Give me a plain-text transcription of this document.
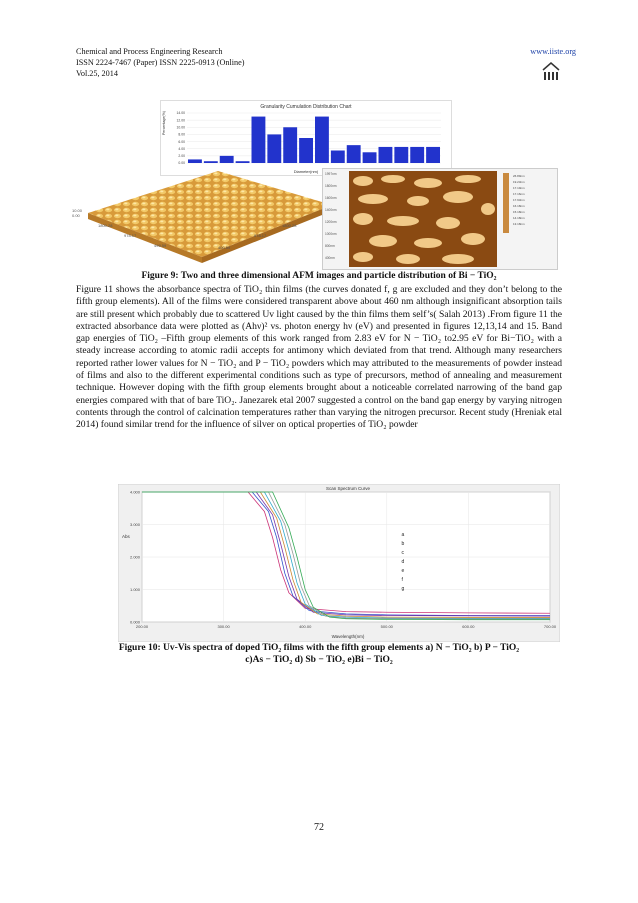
Chemical and Process Engineering Research
ISSN 2224-7467 (Paper) ISSN 2225-0913 (Online)
Vol.25, 2014
www.iiste.org
Granularity Cumulation Distribution Chart
Percentage(%)
Diameter(nm)
14.00
12.00
10.00
8.00
6.00
4.00
2.00
0.00
10.00
0.00
1800.28
978.17
499.59	400.59
978.17
1800.28
1997nm
1800nm
1600nm
1400nm
1200nm
1000nm
800nm
400nm
26.89nm
19.23nm
17.19nm
17.16nm
17.93nm
16.18nm
15.18nm
14.18nm
13.18nm
Figure 9: Two and three dimensional AFM images and particle distribution of Bi − TiO₂
Figure 11 shows the absorbance spectra of TiO₂ thin films (the curves donated f, g are excluded and they don’t belong to the fifth group elements). All of the films were considered transparent above about 460 nm although insignificant absorption tails are still present which probably due to scattered Uv light caused by the thin films them self’s( Salah 2013) .From figure 11 the extracted absorbance data were plotted as (Ahν)² vs. photon energy hν (eV) and presented in figures 12,13,14 and 15. Band gap energies of TiO₂ –Fifth group elements of this work ranged from 2.83 eV for N − TiO₂ to2.95 eV for Bi−TiO₂ with a steady increase according to atomic radii accepts for antimony which deviated from that trend. Although many researchers reported rather lower values for N − TiO₂ and P − TiO₂ powders which may attributed to the measurements of powder instead of films and also to the different experimental conditions such as type of precursors, method of annealing and measurement technique. However doping with the fifth group elements brought about a noticeable correlated narrowing of the band gap energies compared with that of bare TiO₂. Janezarek etal 2007 suggested a control on the band gap energy by varying nitrogen contents through the control of calcination temperatures rather than varying the nitrogen precursor. Recent study (Hreniak etal 2014) found similar trend for the influence of silver on optical properties of TiO₂ powder
Scan Spectrum Curve
Abs
Wavelength(nm)
4.000
3.000
2.000
1.000
0.000
200.00	300.00	400.00	500.00	600.00	700.00
a
b
c
d
e
f
g
Figure 10: Uv-Vis spectra of doped TiO₂ films with the fifth group elements a) N − TiO₂ b) P − TiO₂
c)As − TiO₂ d) Sb − TiO₂ e)Bi − TiO₂
72
